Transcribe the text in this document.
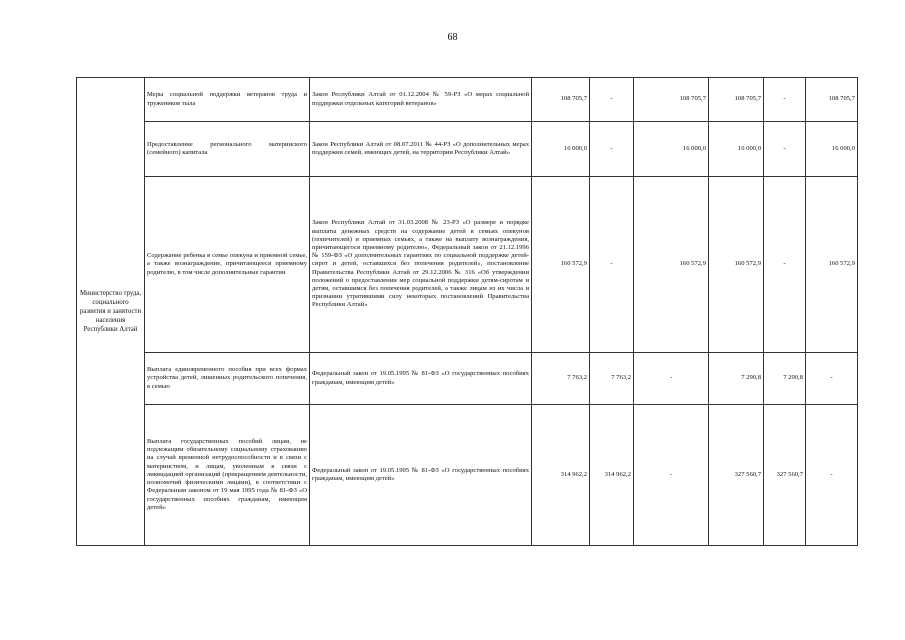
68
Министерство труда, социального развития и занятости населения Республики Алтай	Меры социальной поддержки ветеранов труда и тружеников тыла	Закон Республики Алтай от 01.12.2004 № 59-РЗ «О мерах социальной поддержки отдельных категорий ветеранов»	108 705,7	-	108 705,7	108 705,7	-	108 705,7
	Предоставление регионального материнского (семейного) капитала	Закон Республики Алтай от 08.07.2011 № 44-РЗ «О дополнительных мерах поддержки семей, имеющих детей, на территории Республики Алтай»	16 000,0	-	16 000,0	16 000,0	-	16 000,0
	Содержание ребенка в семье опекуна и приемной семье, а также вознаграждение, причитающееся приемному родителю, в том числе дополнительные гарантии	Закон Республики Алтай от 31.03.2008 № 23-РЗ «О размере и порядке выплаты денежных средств на содержание детей в семьях опекунов (попечителей) и приемных семьях, а также на выплату вознаграждения, причитающегося приемному родителю», Федеральный закон от 21.12.1996 № 159-ФЗ «О дополнительных гарантиях по социальной поддержке детей-сирот и детей, оставшихся без попечения родителей», постановление Правительства Республики Алтай от 29.12.2006 № 316 «Об утверждении положений о предоставлении мер социальной поддержки детям-сиротам и детям, оставшимся без попечения родителей, а также лицам из их числа и признании утратившими силу некоторых постановлений Правительства Республики Алтай»	160 572,9	-	160 572,9	160 572,9	-	160 572,9
	Выплата единовременного пособия при всех формах устройства детей, лишенных родительского попечения, в семью	Федеральный закон от 19.05.1995 № 81-ФЗ «О государственных пособиях гражданам, имеющим детей»	7 763,2	7 763,2	-	7 290,8	7 290,8	-
	Выплата государственных пособий лицам, не подлежащим обязательному социальному страхованию на случай временной нетрудоспособности и в связи с материнством, и лицам, уволенным в связи с ликвидацией организаций (прекращением деятельности, полномочий физическими лицами), в соответствии с Федеральным законом от 19 мая 1995 года № 81-ФЗ «О государственных пособиях гражданам, имеющим детей»	Федеральный закон от 19.05.1995 № 81-ФЗ «О государственных пособиях гражданам, имеющим детей»	314 962,2	314 962,2	-	327 560,7	327 560,7	-
